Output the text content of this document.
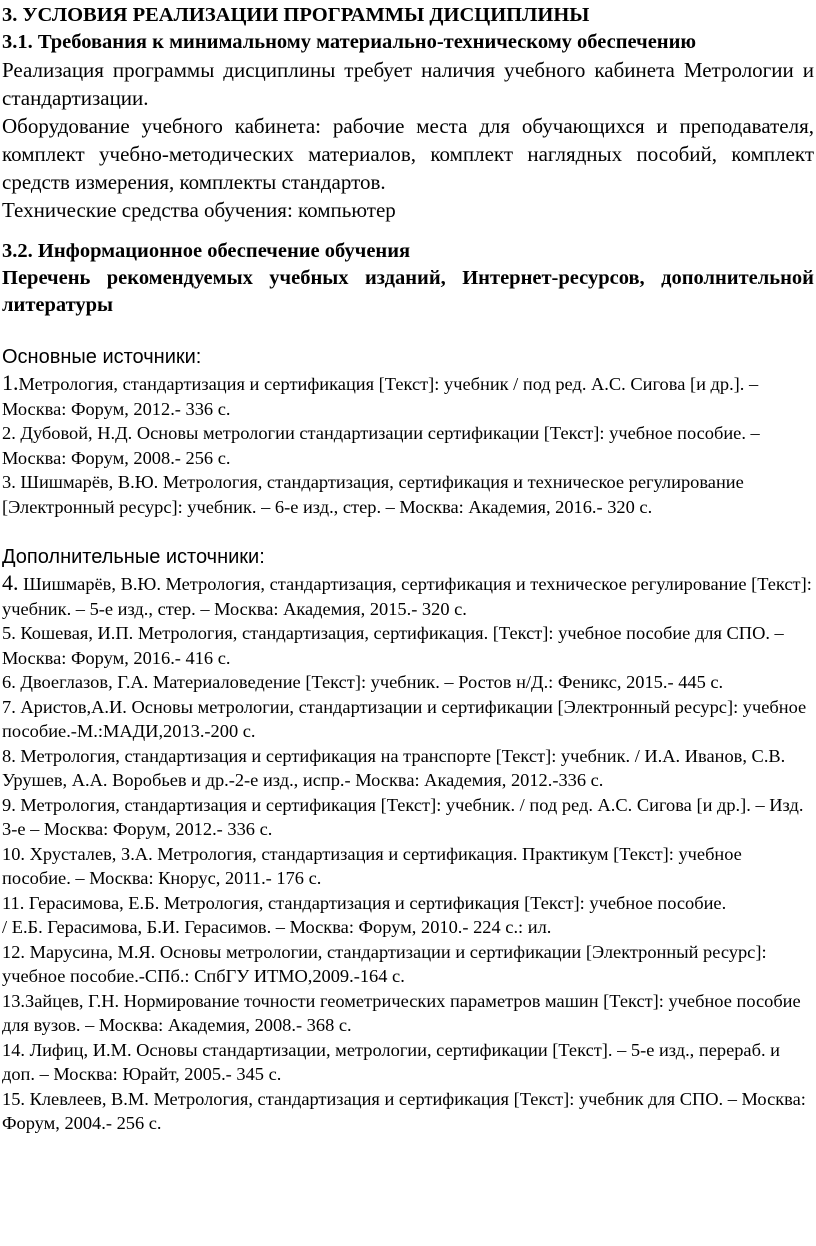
3. УСЛОВИЯ РЕАЛИЗАЦИИ ПРОГРАММЫ ДИСЦИПЛИНЫ

3.1. Требования к минимальному материально-техническому обеспечению

Реализация программы дисциплины требует наличия учебного кабинета Метрологии и стандартизации.

Оборудование учебного кабинета: рабочие места для обучающихся и преподавателя, комплект учебно-методических материалов, комплект наглядных пособий, комплект средств измерения, комплекты стандартов.

Технические средства обучения: компьютер

3.2. Информационное обеспечение обучения

Перечень рекомендуемых учебных изданий, Интернет-ресурсов, дополнительной литературы

Основные источники:

1.Метрология, стандартизация и сертификация [Текст]: учебник / под ред. А.С. Сигова [и др.]. – Москва: Форум, 2012.- 336 с.

2. Дубовой, Н.Д. Основы метрологии стандартизации сертификации [Текст]: учебное пособие. – Москва: Форум, 2008.- 256 с.

3. Шишмарёв, В.Ю. Метрология, стандартизация, сертификация и техническое регулирование [Электронный ресурс]: учебник. – 6-е изд., стер. – Москва: Академия, 2016.- 320 с.

Дополнительные источники:

4. Шишмарёв, В.Ю. Метрология, стандартизация, сертификация и техническое регулирование [Текст]: учебник. – 5-е изд., стер. – Москва: Академия, 2015.- 320 с.

5. Кошевая, И.П. Метрология, стандартизация, сертификация. [Текст]: учебное пособие для СПО. – Москва: Форум, 2016.- 416 с.

6. Двоеглазов, Г.А. Материаловедение [Текст]: учебник. – Ростов н/Д.: Феникс, 2015.- 445 с.

7. Аристов,А.И. Основы метрологии, стандартизации и сертификации [Электронный ресурс]: учебное пособие.-М.:МАДИ,2013.-200 с.

8. Метрология, стандартизация и сертификация на транспорте [Текст]: учебник. / И.А. Иванов, С.В. Урушев, А.А. Воробьев и др.-2-е изд., испр.- Москва: Академия, 2012.-336 с.

9. Метрология, стандартизация и сертификация [Текст]: учебник. / под ред. А.С. Сигова [и др.]. – Изд. 3-е – Москва: Форум, 2012.- 336 с.

10. Хрусталев, З.А. Метрология, стандартизация и сертификация. Практикум [Текст]: учебное пособие. – Москва: Кнорус, 2011.- 176 с.

11. Герасимова, Е.Б. Метрология, стандартизация и сертификация [Текст]: учебное пособие.

/ Е.Б. Герасимова, Б.И. Герасимов. – Москва: Форум, 2010.- 224 с.: ил.

12. Марусина, М.Я. Основы метрологии, стандартизации и сертификации [Электронный ресурс]: учебное пособие.-СПб.: СпбГУ ИТМО,2009.-164 с.

13.Зайцев, Г.Н. Нормирование точности геометрических параметров машин [Текст]: учебное пособие для вузов. – Москва: Академия, 2008.- 368 с.

14. Лифиц, И.М. Основы стандартизации, метрологии, сертификации [Текст]. – 5-е изд., перераб. и доп. – Москва: Юрайт, 2005.- 345 с.

15. Клевлеев, В.М. Метрология, стандартизация и сертификация [Текст]: учебник для СПО. – Москва: Форум, 2004.- 256 с.
